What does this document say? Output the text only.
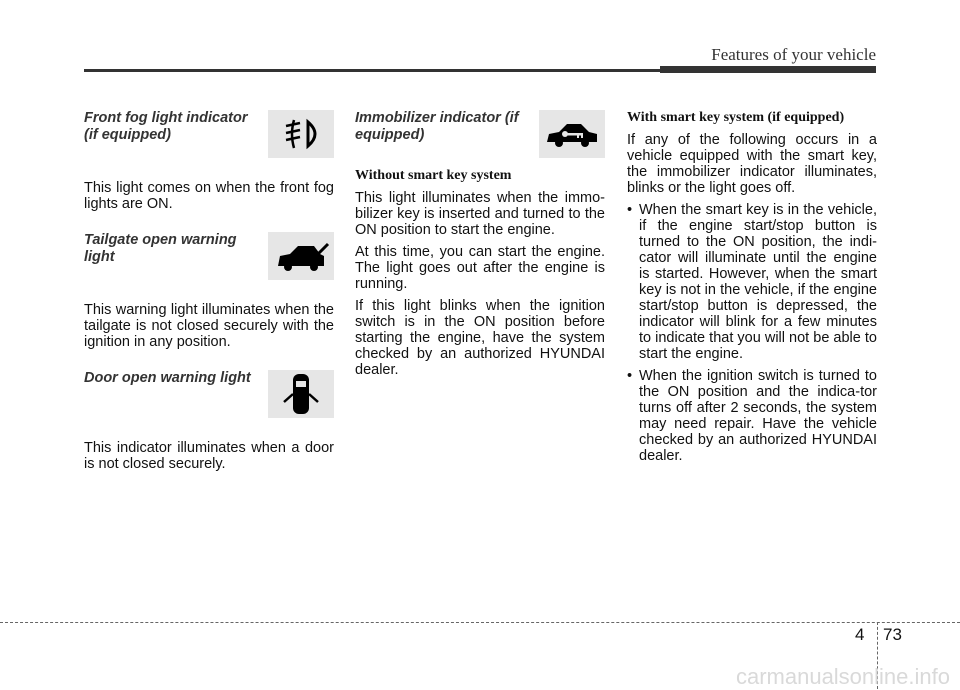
Features of your vehicle
Front fog light indicator (if equipped)

This light comes on when the front fog lights are ON.

Tailgate open warning light

This warning light illuminates when the tailgate is not closed securely with the ignition in any position.

Door open warning light

This indicator illuminates when a door is not closed securely.

Immobilizer indicator (if equipped)
Without smart key system

This light illuminates when the immo-bilizer key is inserted and turned to the ON position to start the engine.

At this time, you can start the engine. The light goes out after the engine is running.

If this light blinks when the ignition switch is in the ON position before starting the engine, have the system checked by an authorized HYUNDAI dealer.

With smart key system (if equipped)

If any of the following occurs in a vehicle equipped with the smart key, the immobilizer indicator illuminates, blinks or the light goes off.

• When the smart key is in the vehicle, if the engine start/stop button is turned to the ON position, the indi-cator will illuminate until the engine is started. However, when the smart key is not in the vehicle, if the engine start/stop button is depressed, the indicator will blink for a few minutes to indicate that you will not be able to start the engine.
• When the ignition switch is turned to the ON position and the indica-tor turns off after 2 seconds, the system may need repair. Have the vehicle checked by an authorized HYUNDAI dealer.
4 73
carmanualsonline.info
